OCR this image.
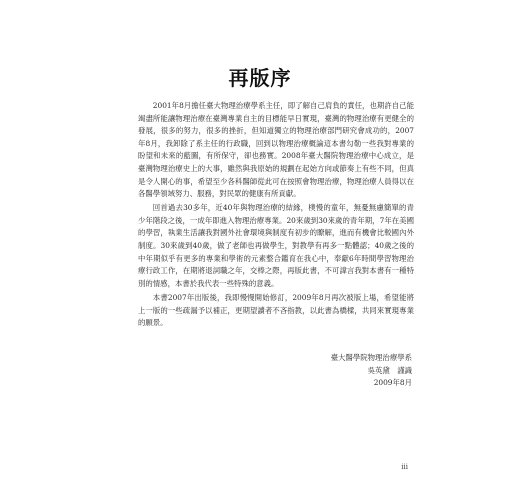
再版序

2001年8月擔任臺大物理治療學系主任，即了解自己肩負的責任，也期許自己能竭盡所能讓物理治療在臺灣專業自主的目標能早日實現，臺灣的物理治療有更健全的發展，很多的努力，很多的挫折，但知道獨立的物理治療部門研究會成功的，2007年8月，我卸除了系主任的行政職，回到以物理治療概論這本書勾勒一些我對專業的盼望和未來的藍圖，有所保守，卻也務實。2008年臺大醫院物理治療中心成立，是臺灣物理治療史上的大事，雖然與我原始的規劃在起始方向或節奏上有些不同，但真是令人開心的事，希望至少各科醫師從此可在按照會物理治療，物理治療人員得以在各醫學領域努力、服務，對民眾的健康有所貢獻。

回首過去30多年，近40年與物理治療的結緣，樸慢的童年，無憂無慮簡單的青少年階段之後，一成年即進入物理治療專業。20來歲到30來歲的青年期，7年在美國的學習，執業生活讓我對國外社會環境與制度有初步的瞭解，進而有機會比較國內外制度。30來歲到40歲，做了老師也再做學生，對教學有再多一點體認；40歲之後的中年期似乎有更多的專業和學術的元素整合鑑育在我心中，奉獻6年時間學習物理治療行政工作，在期將退詞職之年，交棒之際，再版此書，不可諱言我對本書有一種特別的情感，本書於我代表一些特殊的意義。

本書2007年出版後，我即慢慢開始修訂，2009年8月再次被版上場，希望能將上一版的一些疏漏予以補正，更期望讀者不吝指教，以此書為橋樑，共同來實現專業的願景。

臺大醫學院物理治療學系
吳英黛　謹識
2009年8月
iii
